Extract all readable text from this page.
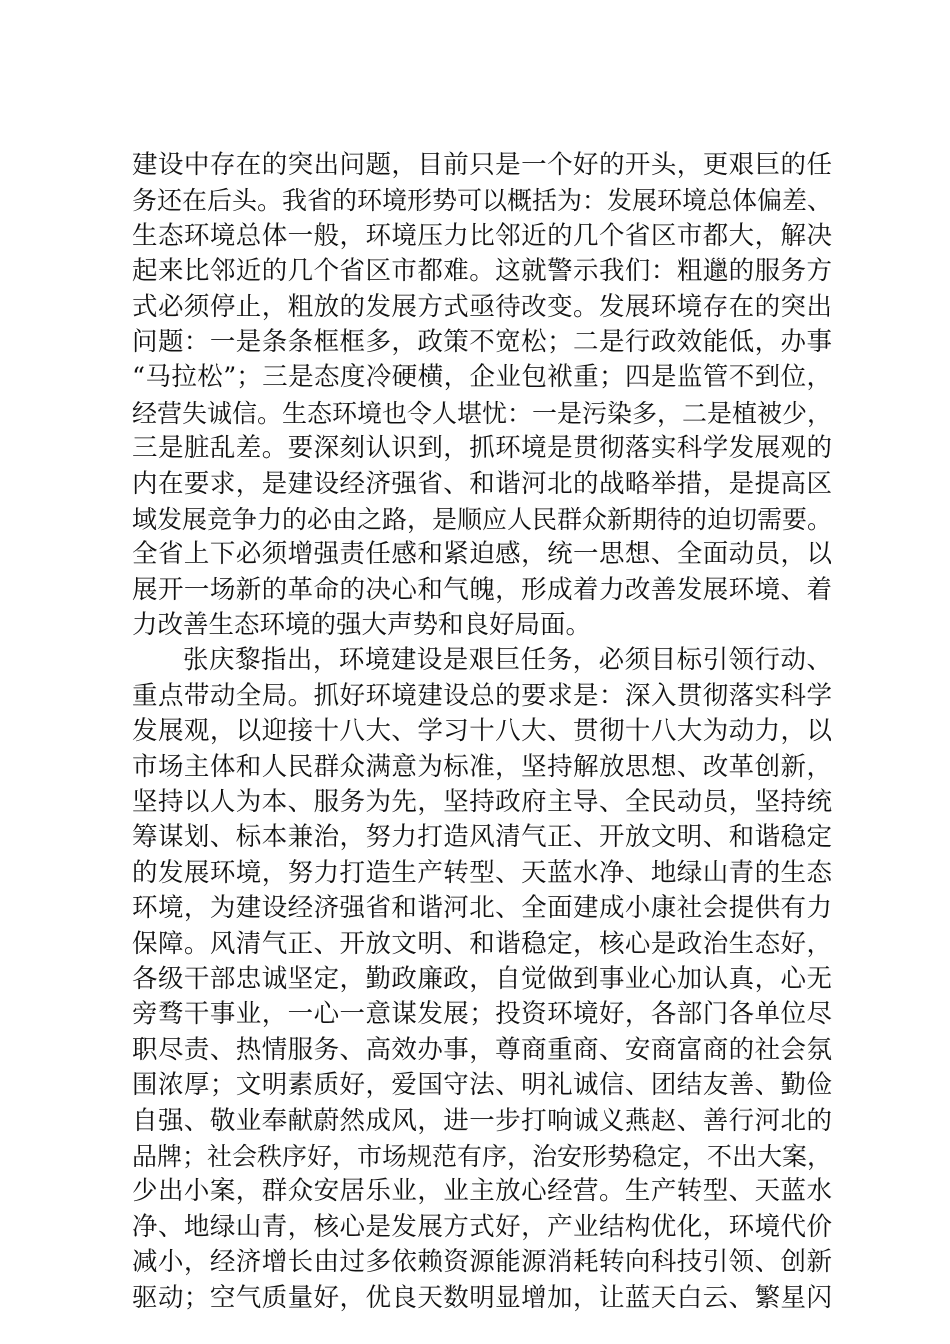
建设中存在的突出问题，目前只是一个好的开头，更艰巨的任
务还在后头。我省的环境形势可以概括为：发展环境总体偏差、
生态环境总体一般，环境压力比邻近的几个省区市都大，解决
起来比邻近的几个省区市都难。这就警示我们：粗邋的服务方
式必须停止，粗放的发展方式亟待改变。发展环境存在的突出
问题：一是条条框框多，政策不宽松；二是行政效能低，办事
“马拉松”；三是态度冷硬横，企业包袱重；四是监管不到位，
经营失诚信。生态环境也令人堪忧：一是污染多，二是植被少，
三是脏乱差。要深刻认识到，抓环境是贯彻落实科学发展观的
内在要求，是建设经济强省、和谐河北的战略举措，是提高区
域发展竞争力的必由之路，是顺应人民群众新期待的迫切需要。
全省上下必须增强责任感和紧迫感，统一思想、全面动员，以
展开一场新的革命的决心和气魄，形成着力改善发展环境、着
力改善生态环境的强大声势和良好局面。
张庆黎指出，环境建设是艰巨任务，必须目标引领行动、
重点带动全局。抓好环境建设总的要求是：深入贯彻落实科学
发展观，以迎接十八大、学习十八大、贯彻十八大为动力，以
市场主体和人民群众满意为标准，坚持解放思想、改革创新，
坚持以人为本、服务为先，坚持政府主导、全民动员，坚持统
筹谋划、标本兼治，努力打造风清气正、开放文明、和谐稳定
的发展环境，努力打造生产转型、天蓝水净、地绿山青的生态
环境，为建设经济强省和谐河北、全面建成小康社会提供有力
保障。风清气正、开放文明、和谐稳定，核心是政治生态好，
各级干部忠诚坚定，勤政廉政，自觉做到事业心加认真，心无
旁骛干事业，一心一意谋发展；投资环境好，各部门各单位尽
职尽责、热情服务、高效办事，尊商重商、安商富商的社会氛
围浓厚；文明素质好，爱国守法、明礼诚信、团结友善、勤俭
自强、敬业奉献蔚然成风，进一步打响诚义燕赵、善行河北的
品牌；社会秩序好，市场规范有序，治安形势稳定，不出大案，
少出小案，群众安居乐业，业主放心经营。生产转型、天蓝水
净、地绿山青，核心是发展方式好，产业结构优化，环境代价
减小，经济增长由过多依赖资源能源消耗转向科技引领、创新
驱动；空气质量好，优良天数明显增加，让蓝天白云、繁星闪
